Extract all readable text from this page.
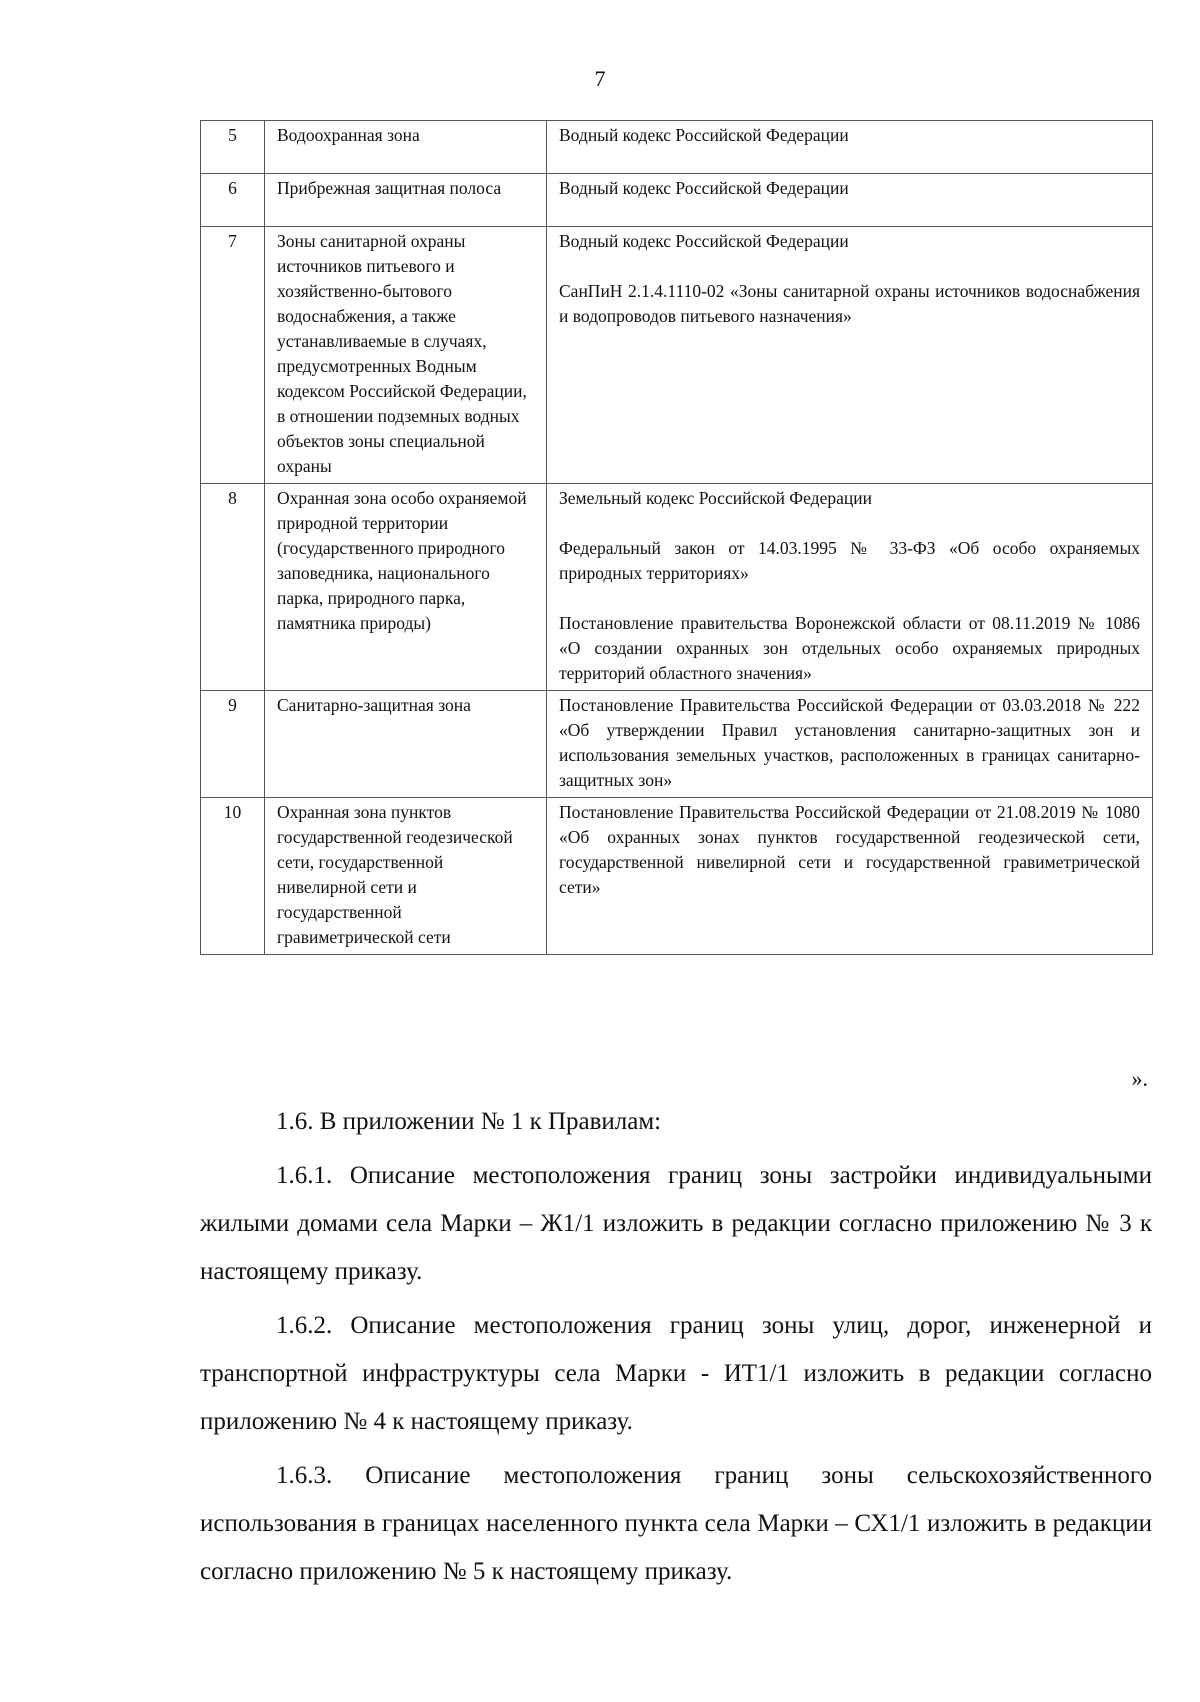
7
5	Водоохранная зона	Водный кодекс Российской Федерации

6	Прибрежная защитная полоса	Водный кодекс Российской Федерации

7	Зоны санитарной охраны источников питьевого и хозяйственно-бытового водоснабжения, а также устанавливаемые в случаях, предусмотренных Водным кодексом Российской Федерации, в отношении подземных водных объектов зоны специальной охраны	Водный кодекс Российской Федерации

СанПиН 2.1.4.1110-02 «Зоны санитарной охраны источников водоснабжения и водопроводов питьевого назначения»

8	Охранная зона особо охраняемой природной территории (государственного природного заповедника, национального парка, природного парка, памятника природы)	Земельный кодекс Российской Федерации

Федеральный закон от 14.03.1995 № 33-ФЗ «Об особо охраняемых природных территориях»

Постановление правительства Воронежской области от 08.11.2019 № 1086 «О создании охранных зон отдельных особо охраняемых природных территорий областного значения»

9	Санитарно-защитная зона	Постановление Правительства Российской Федерации от 03.03.2018 № 222 «Об утверждении Правил установления санитарно-защитных зон и использования земельных участков, расположенных в границах санитарно-защитных зон»

10	Охранная зона пунктов государственной геодезической сети, государственной нивелирной сети и государственной гравиметрической сети	Постановление Правительства Российской Федерации от 21.08.2019 № 1080 «Об охранных зонах пунктов государственной геодезической сети, государственной нивелирной сети и государственной гравиметрической сети»

».

1.6. В приложении № 1 к Правилам:

1.6.1. Описание местоположения границ зоны застройки индивидуальными жилыми домами села Марки – Ж1/1 изложить в редакции согласно приложению № 3 к настоящему приказу.

1.6.2. Описание местоположения границ зоны улиц, дорог, инженерной и транспортной инфраструктуры села Марки - ИТ1/1 изложить в редакции согласно приложению № 4 к настоящему приказу.

1.6.3. Описание местоположения границ зоны сельскохозяйственного использования в границах населенного пункта села Марки – СХ1/1 изложить в редакции согласно приложению № 5 к настоящему приказу.
